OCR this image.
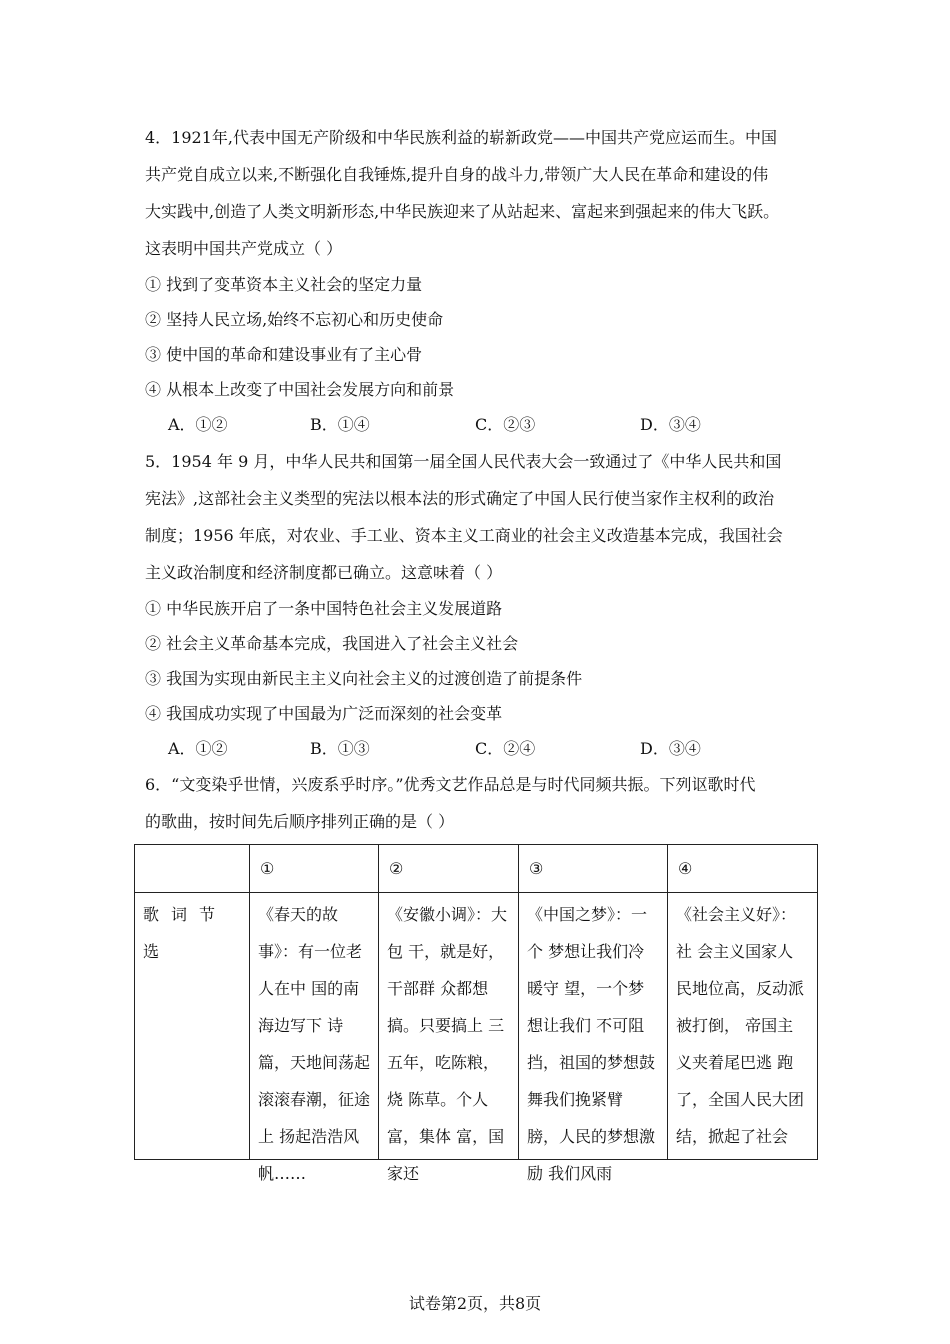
4．1921年,代表中国无产阶级和中华民族利益的崭新政党——中国共产党应运而生。中国
共产党自成立以来,不断强化自我锤炼,提升自身的战斗力,带领广大人民在革命和建设的伟
大实践中,创造了人类文明新形态,中华民族迎来了从站起来、富起来到强起来的伟大飞跃。
这表明中国共产党成立（ ）
① 找到了变革资本主义社会的坚定力量
② 坚持人民立场,始终不忘初心和历史使命
③ 使中国的革命和建设事业有了主心骨
④ 从根本上改变了中国社会发展方向和前景
A．①②	B．①④	C．②③	D．③④
5．1954 年 9 月，中华人民共和国第一届全国人民代表大会一致通过了《中华人民共和国
宪法》,这部社会主义类型的宪法以根本法的形式确定了中国人民行使当家作主权利的政治
制度；1956 年底，对农业、手工业、资本主义工商业的社会主义改造基本完成，我国社会
主义政治制度和经济制度都已确立。这意味着（ ）
① 中华民族开启了一条中国特色社会主义发展道路
② 社会主义革命基本完成，我国进入了社会主义社会
③ 我国为实现由新民主主义向社会主义的过渡创造了前提条件
④ 我国成功实现了中国最为广泛而深刻的社会变革
A．①②	B．①③	C．②④	D．③④
6．“文变染乎世情，兴废系乎时序。”优秀文艺作品总是与时代同频共振。下列讴歌时代
的歌曲，按时间先后顺序排列正确的是（ ）
	①	②	③	④

歌词节选	《春天的故事》：有一位老人在中 国的南海边写下 诗篇，天地间荡起 滚滚春潮，征途上 扬起浩浩风帆……	《安徽小调》：大包 干，就是好，干部群 众都想搞。只要搞上 三五年，吃陈粮，烧 陈草。个人富，集体 富，国家还	《中国之梦》：一个 梦想让我们冷暖守 望，一个梦想让我们 不可阻挡，祖国的梦想鼓舞我们挽紧臂 膀，人民的梦想激励 我们风雨	《社会主义好》：社 会主义国家人民地位高，反动派被打倒， 帝国主义夹着尾巴逃 跑了，全国人民大团结，掀起了社会
试卷第2页，共8页
